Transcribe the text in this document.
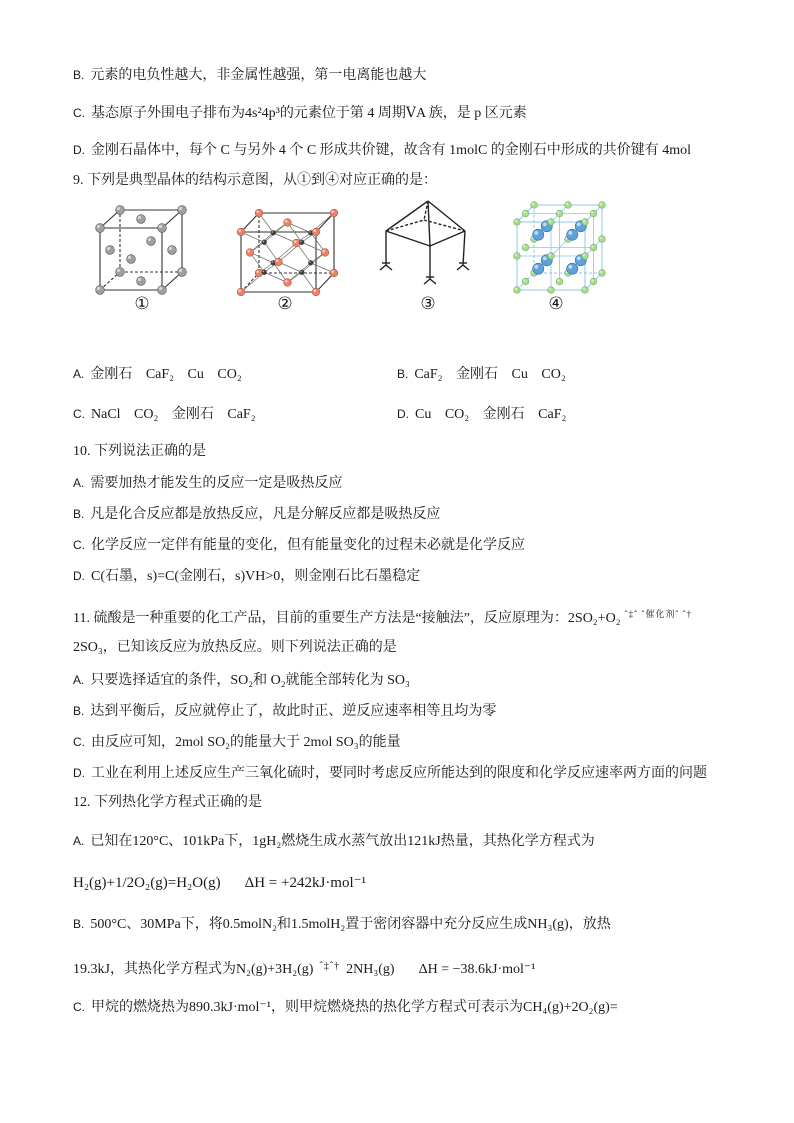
B. 元素的电负性越大，非金属性越强，第一电离能也越大
C. 基态原子外围电子排布为4s²4p³的元素位于第 4 周期ⅤA 族，是 p 区元素
D. 金刚石晶体中，每个 C 与另外 4 个 C 形成共价键，故含有 1molC 的金刚石中形成的共价键有 4mol
9. 下列是典型晶体的结构示意图，从①到④对应正确的是：
①	②	③	④
A. 金刚石 CaF₂ Cu CO₂	B. CaF₂ 金刚石 Cu CO₂
C. NaCl CO₂ 金刚石 CaF₂	D. Cu CO₂ 金刚石 CaF₂
10. 下列说法正确的是
A. 需要加热才能发生的反应一定是吸热反应
B. 凡是化合反应都是放热反应，凡是分解反应都是吸热反应
C. 化学反应一定伴有能量的变化，但有能量变化的过程未必就是化学反应
D. C(石墨，s)=C(金刚石，s)VH>0，则金刚石比石墨稳定
11. 硫酸是一种重要的化工产品，目前的重要生产方法是“接触法”，反应原理为：2SO₂+O₂ $^{ˆ\ddagger ˆ ˆ催化剂ˆ ˆ\dagger}$
2SO₃，已知该反应为放热反应。则下列说法正确的是
A. 只要选择适宜的条件，SO₂和 O₂就能全部转化为 SO₃
B. 达到平衡后，反应就停止了，故此时正、逆反应速率相等且均为零
C. 由反应可知，2mol SO₂的能量大于 2mol SO₃的能量
D. 工业在利用上述反应生产三氧化硫时，要同时考虑反应所能达到的限度和化学反应速率两方面的问题
12. 下列热化学方程式正确的是
A. 已知在120°C、101kPa下，1gH₂燃烧生成水蒸气放出121kJ热量，其热化学方程式为
H₂(g)+1/2O₂(g)=H₂O(g) ΔH = +242kJ·mol⁻¹
B. 500°C、30MPa下，将0.5molN₂和1.5molH₂置于密闭容器中充分反应生成NH₃(g)，放热
19.3kJ，其热化学方程式为N₂(g)+3H₂(g) $^{ˆ\ddagger ˆ\dagger}$ 2NH₃(g) ΔH = −38.6kJ·mol⁻¹
C. 甲烷的燃烧热为890.3kJ·mol⁻¹，则甲烷燃烧热的热化学方程式可表示为CH₄(g)+2O₂(g)=
